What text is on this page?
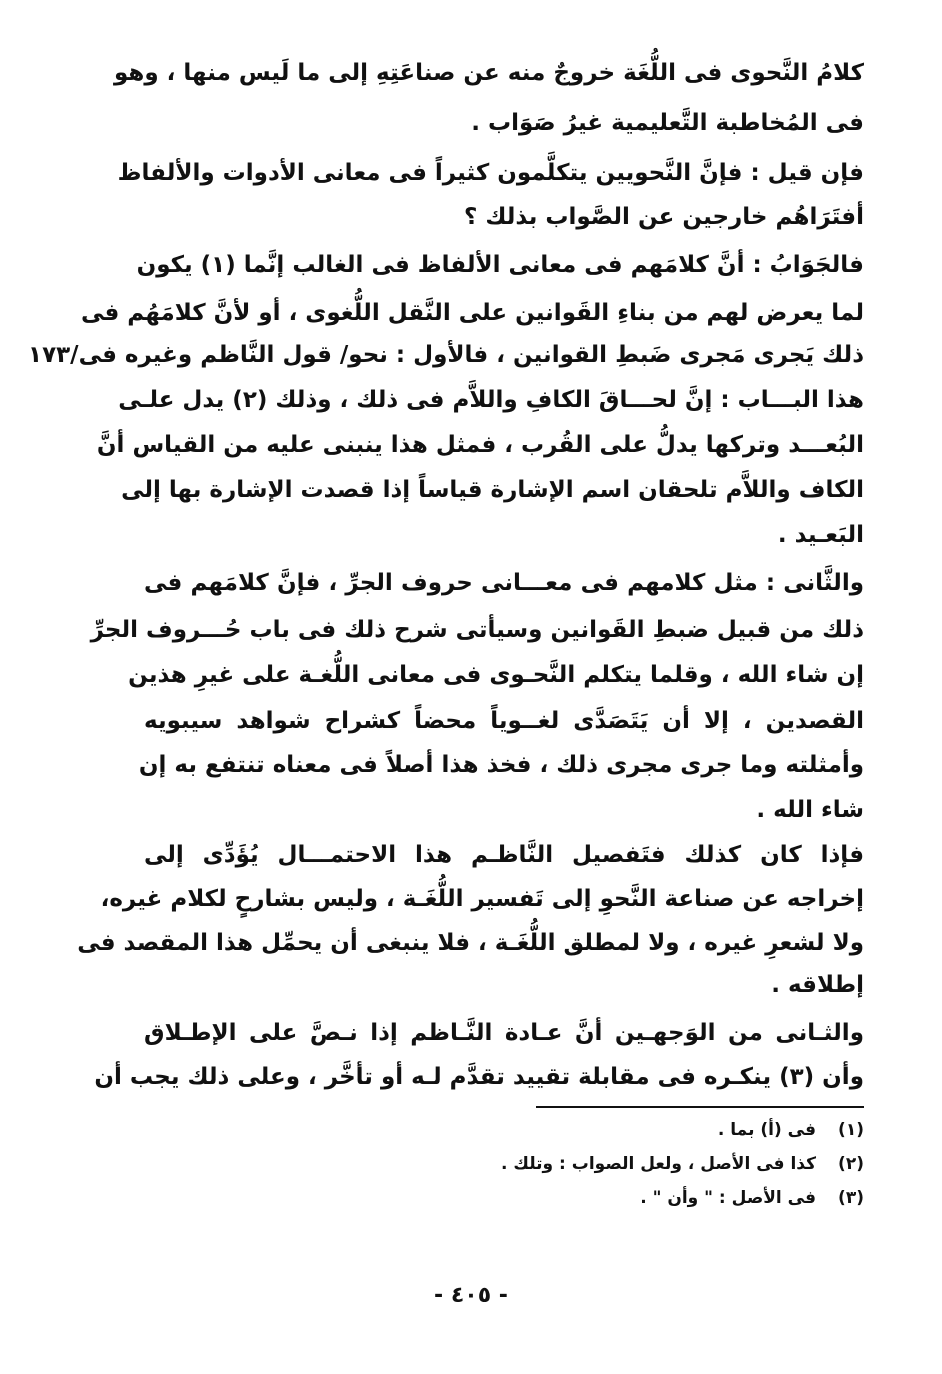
كلامُ النَّحوى فى اللُّغَة خروجٌ منه عن صناعَتِهِ إلى ما لَيس منها ، وهو
فى المُخاطبة التَّعليمية غيرُ صَوَاب .
فإن قيل : فإنَّ النَّحويين يتكلَّمون كثيراً فى معانى الأدوات والألفاظ
أفتَرَاهُم خارجين عن الصَّواب بذلك ؟
فالجَوَابُ : أنَّ كلامَهم فى معانى الألفاظ فى الغالب إنَّما (١) يكون
لما يعرض لهم من بناءِ القَوانين على النَّقل اللُّغوى ، أو لأنَّ كلامَهُم فى
ذلك يَجرى مَجرى ضَبطِ القوانين ، فالأول : نحو/ قول النَّاظم وغيره فى/١٧٣
هذا البـــاب : إنَّ لحـــاقَ الكافِ واللاَّم فى ذلك ، وذلك (٢) يدل علـى
البُعـــد وتركها يدلُّ على القُرب ، فمثل هذا ينبنى عليه من القياس أنَّ
الكاف واللاَّم تلحقان اسم الإشارة قياساً إذا قصدت الإشارة بها إلى
البَعـيد .
والثَّانى : مثل كلامهم فى معـــانى حروف الجرِّ ، فإنَّ كلامَهم فى
ذلك من قبيل ضبطِ القَوانين وسيأتى شرح ذلك فى باب حُـــروف الجرِّ
إن شاء الله ، وقلما يتكلم النَّحـوى فى معانى اللُّغـة على غيرِ هذين
القصدين ، إلا أن يَتَصَدَّى لغــوياً محضاً كشراح شواهد سيبويه
وأمثلته وما جرى مجرى ذلك ، فخذ هذا أصلاً فى معناه تنتفع به إن
شاء الله .
فإذا كان كذلك فتَفصيل النَّاظـم هذا الاحتمـــال يُؤَدِّى إلى
إخراجه عن صناعة النَّحوِ إلى تَفسير اللُّغَـة ، وليس بشارحٍ لكلام غيره،
ولا لشعرِ غيره ، ولا لمطلق اللُّغَـة ، فلا ينبغى أن يحمِّل هذا المقصد فى
إطلاقه .
والثـانى من الوَجهـين أنَّ عـادة النَّـاظم إذا نـصَّ على الإطـلاق
وأن (٣) ينكـره فى مقابلة تقييد تقدَّم لـه أو تأخَّر ، وعلى ذلك يجب أن
(١)فى (أ) بما .
(٢)كذا فى الأصل ، ولعل الصواب : وتلك .
(٣)فى الأصل : " وأن " .
- ٤٠٥ -
